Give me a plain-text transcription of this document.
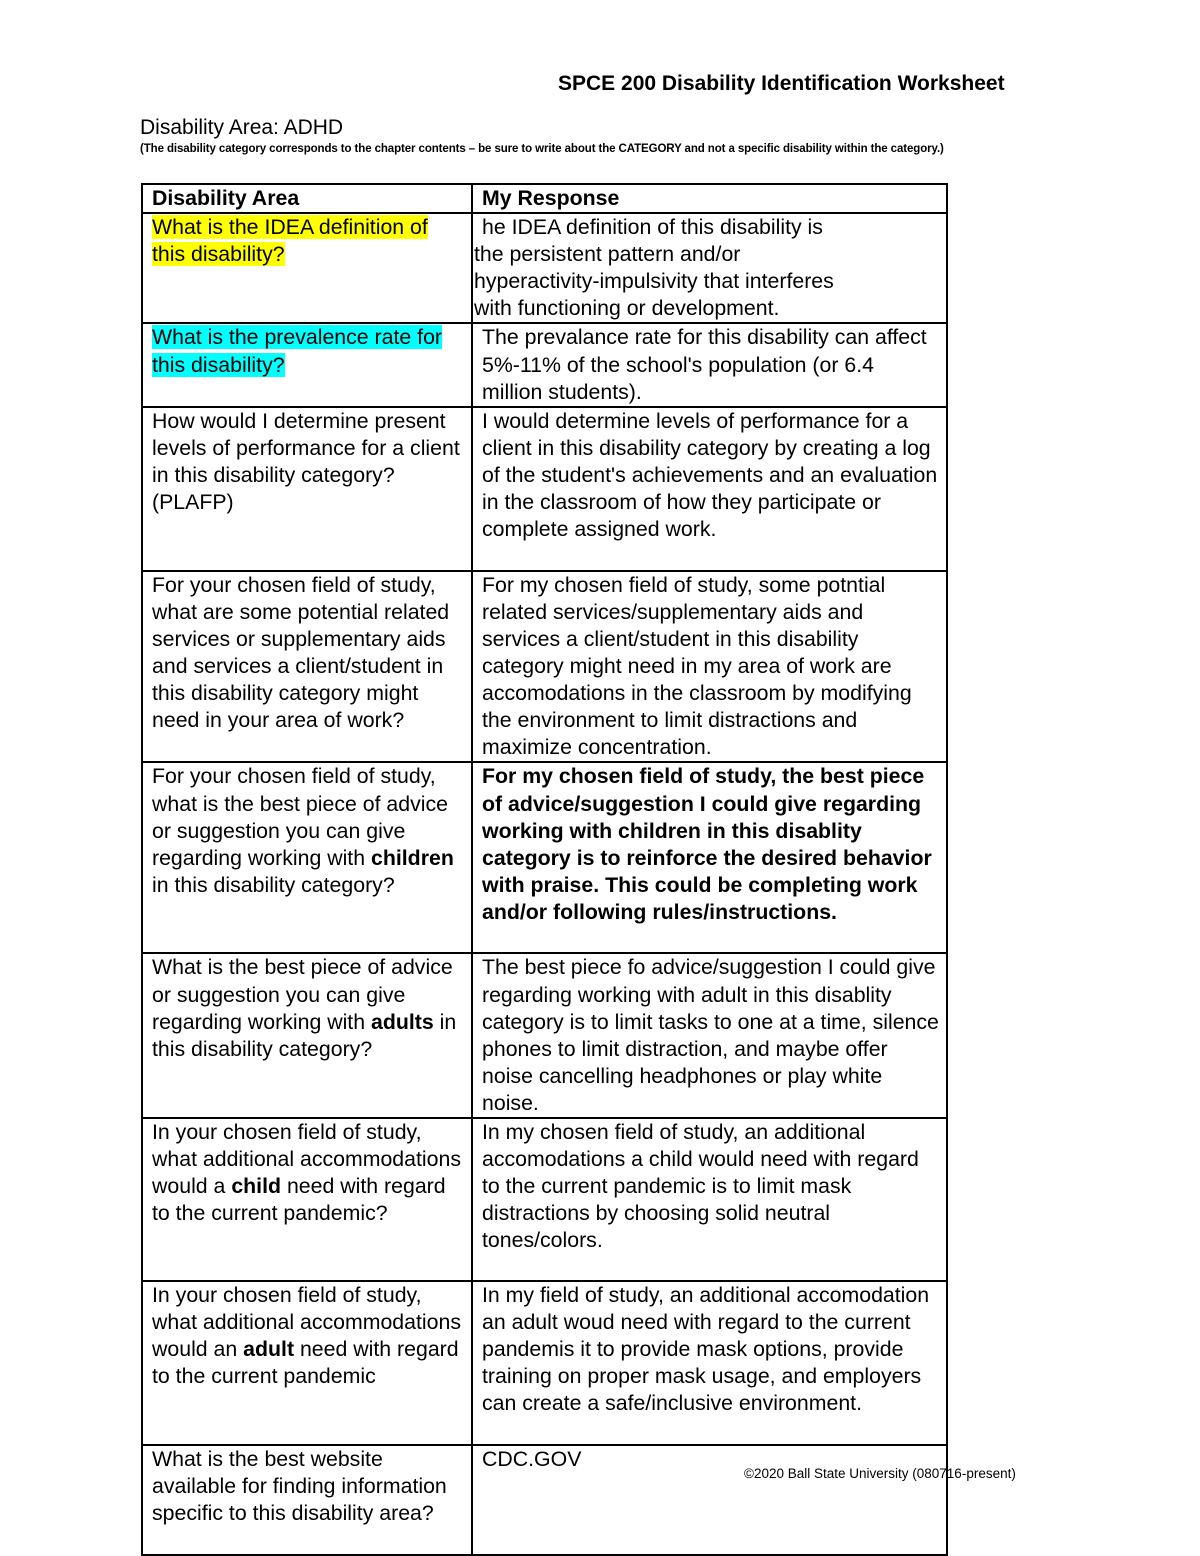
SPCE 200 Disability Identification Worksheet
Disability Area: ADHD
(The disability category corresponds to the chapter contents – be sure to write about the CATEGORY and not a specific disability within the category.)
Disability Area	My Response
What is the IDEA definition of this disability?	he IDEA definition of this disability is
the persistent pattern and/or
hyperactivity-impulsivity that interferes
with functioning or development.

What is the prevalence rate for this disability?	The prevalance rate for this disability can affect 5%-11% of the school's population (or 6.4 million students).
How would I determine present levels of performance for a client in this disability category? (PLAFP)	I would determine levels of performance for a client in this disability category by creating a log of the student's achievements and an evaluation in the classroom of how they participate or complete assigned work.
For your chosen field of study, what are some potential related services or supplementary aids and services a client/student in this disability category might need in your area of work?	For my chosen field of study, some potntial related services/supplementary aids and services a client/student in this disability category might need in my area of work are accomodations in the classroom by modifying the environment to limit distractions and maximize concentration.
For your chosen field of study, what is the best piece of advice or suggestion you can give regarding working with children in this disability category?	For my chosen field of study, the best piece of advice/suggestion I could give regarding working with children in this disablity category is to reinforce the desired behavior with praise. This could be completing work and/or following rules/instructions.
What is the best piece of advice or suggestion you can give regarding working with adults in this disability category?	The best piece fo advice/suggestion I could give regarding working with adult in this disablity category is to limit tasks to one at a time, silence phones to limit distraction, and maybe offer noise cancelling headphones or play white noise.
In your chosen field of study, what additional accommodations would a child need with regard to the current pandemic?	In my chosen field of study, an additional accomodations a child would need with regard to the current pandemic is to limit mask distractions by choosing solid neutral tones/colors.
In your chosen field of study, what additional accommodations would an adult need with regard to the current pandemic	In my field of study, an additional accomodation an adult woud need with regard to the current pandemis it to provide mask options, provide training on proper mask usage, and employers can create a safe/inclusive environment.
What is the best website available for finding information specific to this disability area?	CDC.GOV
©2020 Ball State University (080716-present)
